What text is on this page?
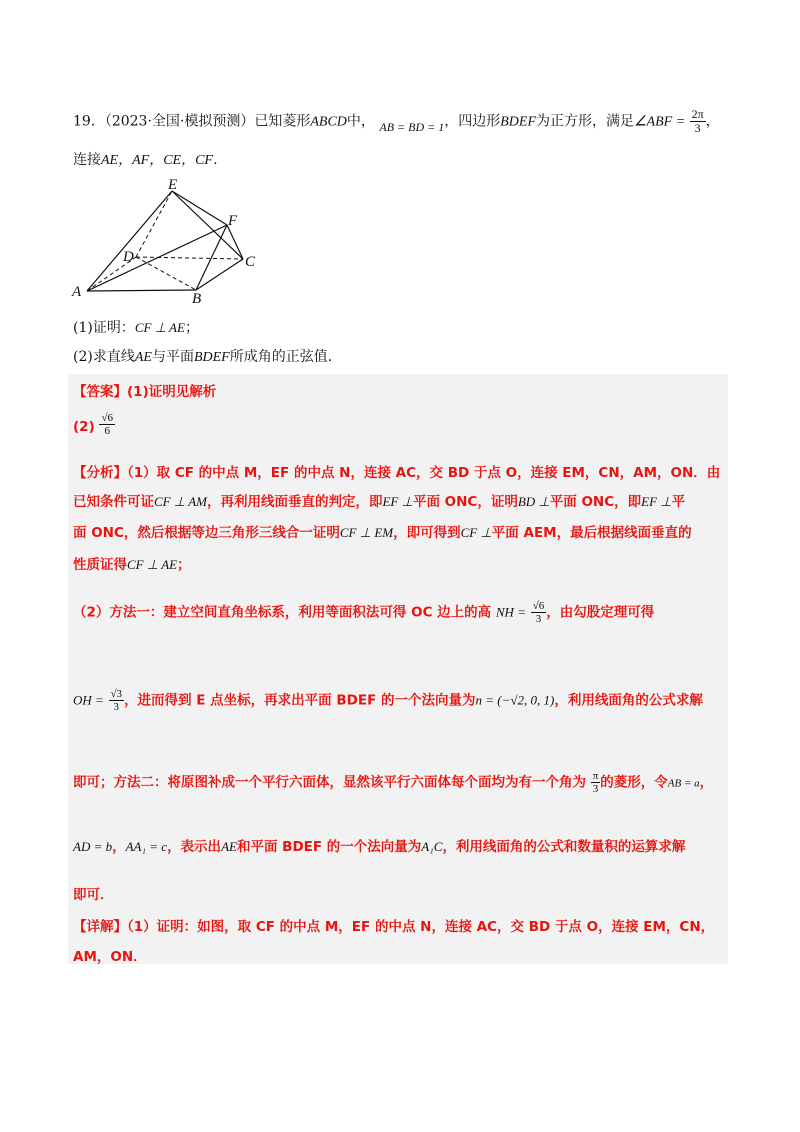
19．（2023·全国·模拟预测）已知菱形ABCD中， AB = BD = 1，四边形BDEF为正方形，满足∠ABF = $\frac{2\pi}{3}$ ，
连接AE，AF，CE，CF．
E
F
D	C
A	B
(1)证明：CF ⊥ AE；
(2)求直线AE与平面BDEF所成角的正弦值．
【答案】(1)证明见解析
$(2) \frac{√6}{6}$
【分析】（1）取 CF 的中点 M，EF 的中点 N，连接 AC，交 BD 于点 O，连接 EM，CN，AM，ON．由
已知条件可证CF ⊥ AM，再利用线面垂直的判定，即EF ⊥平面 ONC，证明BD ⊥平面 ONC，即EF ⊥平
面 ONC，然后根据等边三角形三线合一证明CF ⊥ EM，即可得到CF ⊥平面 AEM，最后根据线面垂直的
性质证得CF ⊥ AE；
（2）方法一：建立空间直角坐标系，利用等面积法可得 OC 边上的高 NH = $\frac{√6}{3}$ ，由勾股定理可得
OH = $\frac{√3}{3}$ ，进而得到 E 点坐标，再求出平面 BDEF 的一个法向量为n = (−√2, 0, 1)，利用线面角的公式求解
即可；方法二：将原图补成一个平行六面体，显然该平行六面体每个面均为有一个角为 $\frac{\pi}{3}$ 的菱形，令AB = a，
AD = b，AA₁ = c，表示出AE和平面 BDEF 的一个法向量为A₁C，利用线面角的公式和数量积的运算求解
即可．
【详解】（1）证明：如图，取 CF 的中点 M，EF 的中点 N，连接 AC，交 BD 于点 O，连接 EM，CN，
AM，ON．
